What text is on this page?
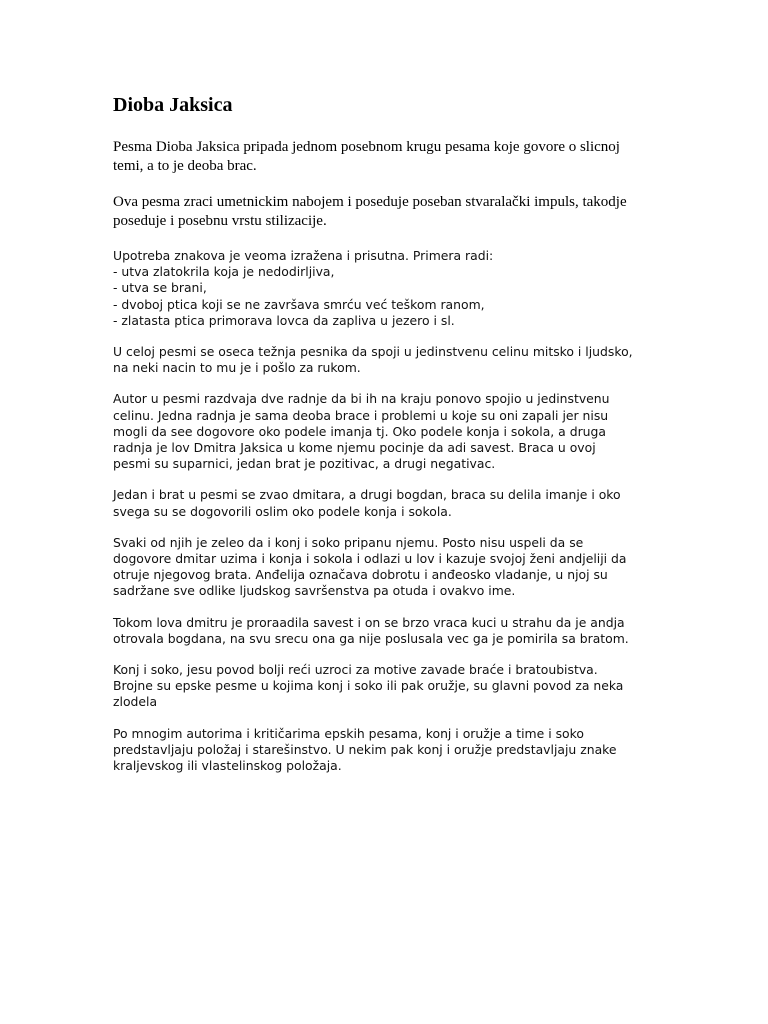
Dioba Jaksica

Pesma Dioba Jaksica pripada jednom posebnom krugu pesama koje govore o slicnoj
temi, a to je deoba brac.

Ova pesma zraci umetnickim nabojem i poseduje poseban stvaralački impuls, takodje
poseduje i posebnu vrstu stilizacije.

Upotreba znakova je veoma izražena i prisutna. Primera radi:
- utva zlatokrila koja je nedodirljiva,
- utva se brani,
- dvoboj ptica koji se ne završava smrću već teškom ranom,
- zlatasta ptica primorava lovca da zapliva u jezero i sl.

U celoj pesmi se oseca težnja pesnika da spoji u jedinstvenu celinu mitsko i ljudsko,
na neki nacin to mu je i pošlo za rukom.

Autor u pesmi razdvaja dve radnje da bi ih na kraju ponovo spojio u jedinstvenu
celinu. Jedna radnja je sama deoba brace i problemi u koje su oni zapali jer nisu
mogli da see dogovore oko podele imanja tj. Oko podele konja i sokola, a druga
radnja je lov Dmitra Jaksica u kome njemu pocinje da adi savest. Braca u ovoj
pesmi su suparnici, jedan brat je pozitivac, a drugi negativac.

Jedan i brat u pesmi se zvao dmitara, a drugi bogdan, braca su delila imanje i oko
svega su se dogovorili oslim oko podele konja i sokola.

Svaki od njih je zeleo da i konj i soko pripanu njemu. Posto nisu uspeli da se
dogovore dmitar uzima i konja i sokola i odlazi u lov i kazuje svojoj ženi andjeliji da
otruje njegovog brata. Anđelija označava dobrotu i anđeosko vladanje, u njoj su
sadržane sve odlike ljudskog savršenstva pa otuda i ovakvo ime.

Tokom lova dmitru je proraadila savest i on se brzo vraca kuci u strahu da je andja
otrovala bogdana, na svu srecu ona ga nije poslusala vec ga je pomirila sa bratom.

Konj i soko, jesu povod bolji reći uzroci za motive zavade braće i bratoubistva.
Brojne su epske pesme u kojima konj i soko ili pak oružje, su glavni povod za neka
zlodela

Po mnogim autorima i kritičarima epskih pesama, konj i oružje a time i soko
predstavljaju položaj i starešinstvo. U nekim pak konj i oružje predstavljaju znake
kraljevskog ili vlastelinskog položaja.
